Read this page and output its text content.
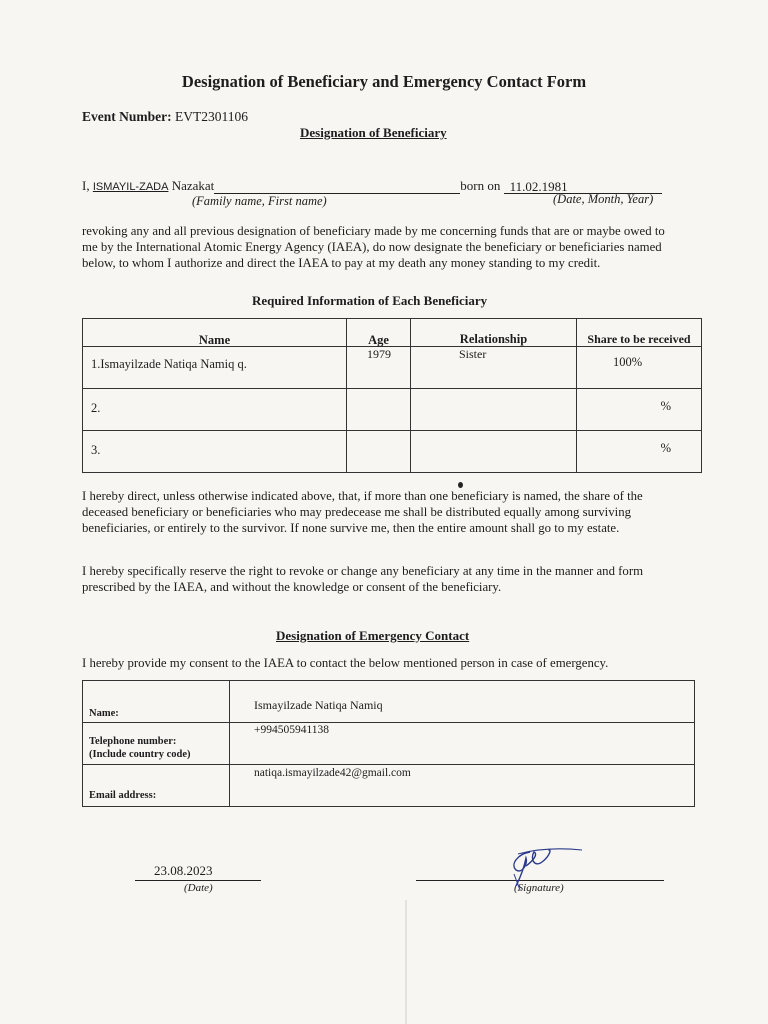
Designation of Beneficiary and Emergency Contact Form
Event Number: EVT2301106
Designation of Beneficiary
I, ISMAYIL-ZADA Nazakat	born on 11.02.1981
(Family name, First name)	(Date, Month, Year)
revoking any and all previous designation of beneficiary made by me concerning funds that are or maybe owed to me by the International Atomic Energy Agency (IAEA), do now designate the beneficiary or beneficiaries named below, to whom I authorize and direct the IAEA to pay at my death any money standing to my credit.
Required Information of Each Beneficiary
Name	Age	Relationship	Share to be received

1.Ismayilzade Natiqa Namiq q.	1979	Sister	100%

2.			%

3.			%
I hereby direct, unless otherwise indicated above, that, if more than one beneficiary is named, the share of the deceased beneficiary or beneficiaries who may predecease me shall be distributed equally among surviving beneficiaries, or entirely to the survivor. If none survive me, then the entire amount shall go to my estate.
I hereby specifically reserve the right to revoke or change any beneficiary at any time in the manner and form prescribed by the IAEA, and without the knowledge or consent of the beneficiary.
Designation of Emergency Contact
I hereby provide my consent to the IAEA to contact the below mentioned person in case of emergency.
Name:	Ismayilzade Natiqa Namiq

Telephone number:
(Include country code)	+994505941138

Email address:	natiqa.ismayilzade42@gmail.com
23.08.2023
(Date)	(Signature)
